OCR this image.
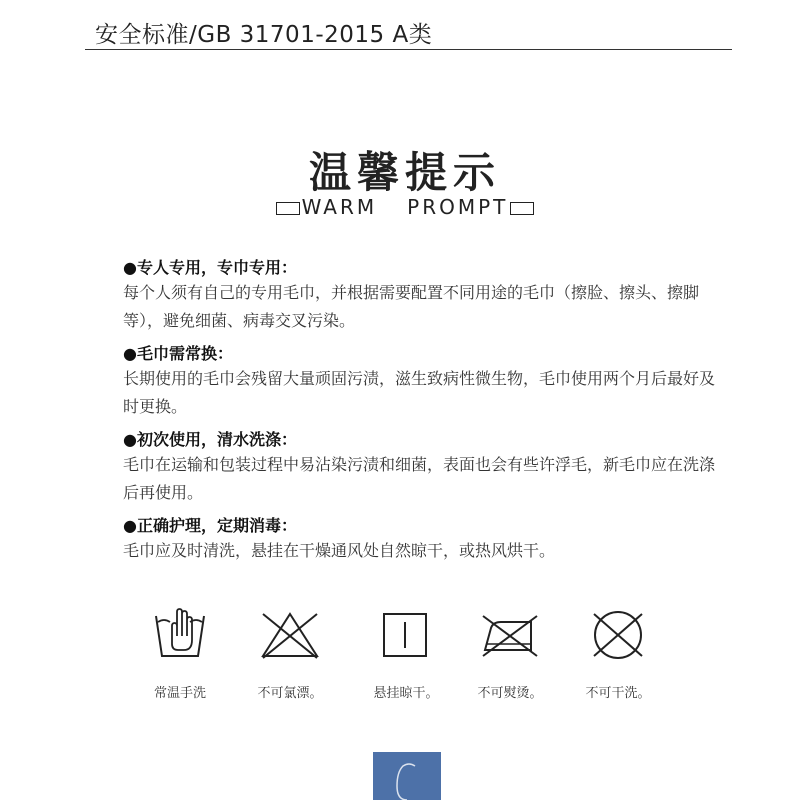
安全标准/GB 31701-2015 A类
温馨提示
WARM PROMPT
●专人专用，专巾专用：
每个人须有自己的专用毛巾，并根据需要配置不同用途的毛巾（擦脸、擦头、擦脚等），避免细菌、病毒交叉污染。
●毛巾需常换：
长期使用的毛巾会残留大量顽固污渍，滋生致病性微生物，毛巾使用两个月后最好及时更换。
●初次使用，清水洗涤：
毛巾在运输和包装过程中易沾染污渍和细菌，表面也会有些许浮毛，新毛巾应在洗涤后再使用。
●正确护理，定期消毒：
毛巾应及时清洗，悬挂在干燥通风处自然晾干，或热风烘干。
常温手洗	不可氯漂。	悬挂晾干。	不可熨烫。	不可干洗。
